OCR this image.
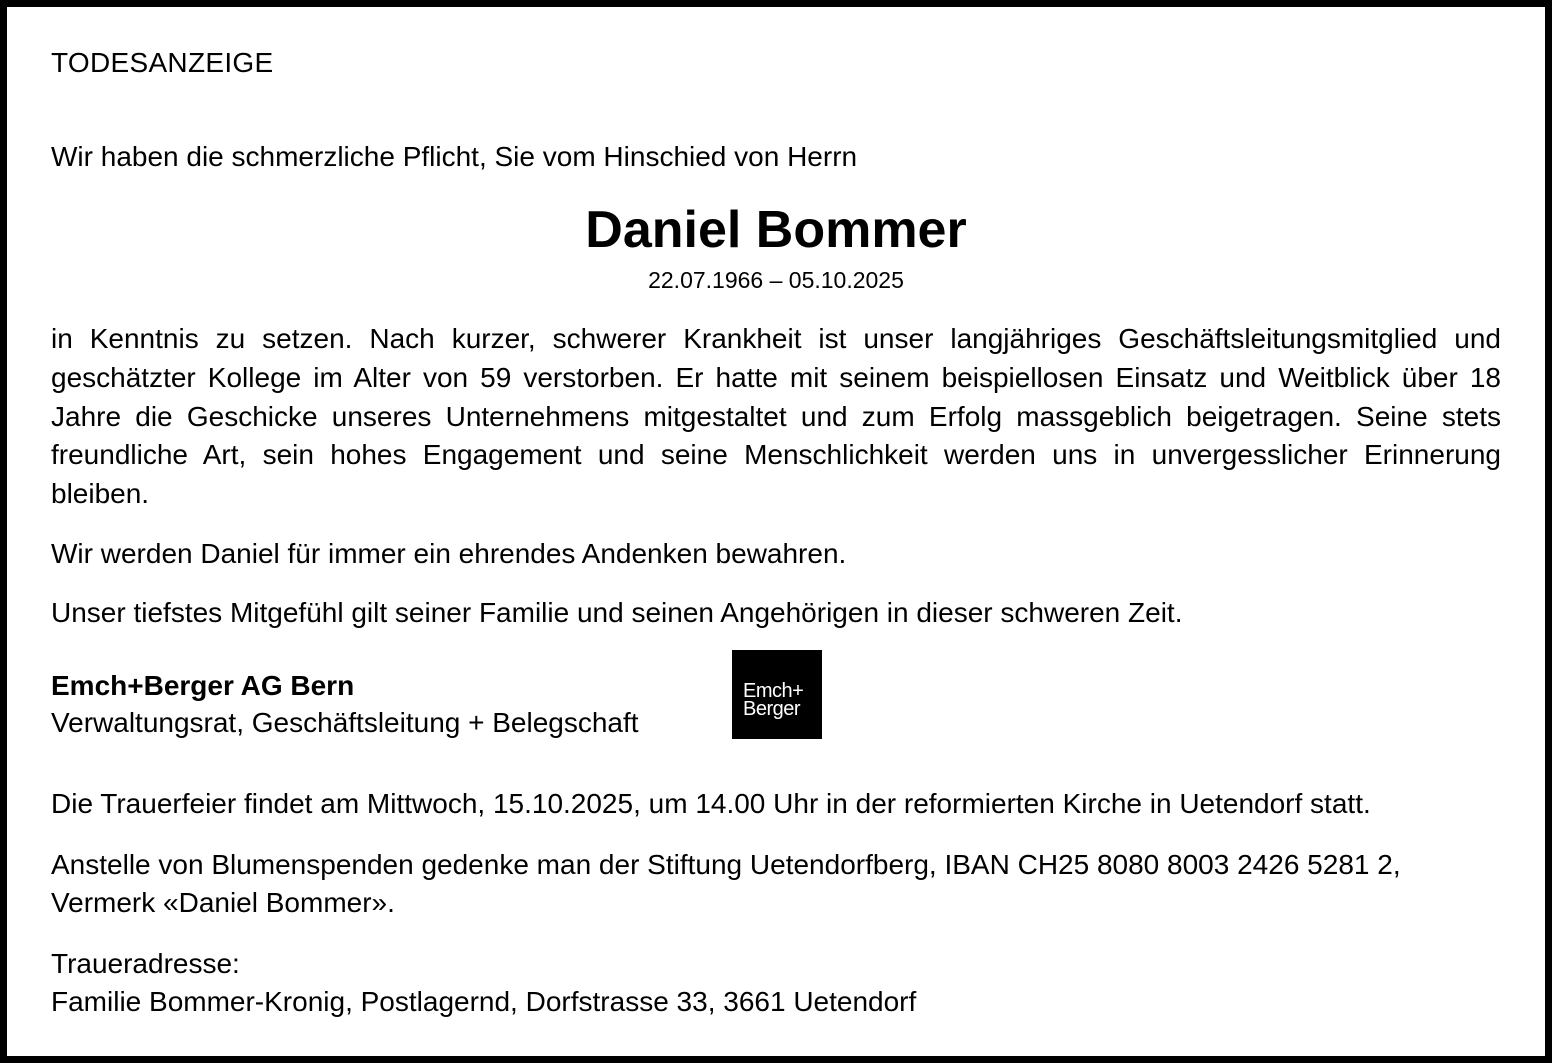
TODESANZEIGE
Wir haben die schmerzliche Pflicht, Sie vom Hinschied von Herrn
Daniel Bommer
22.07.1966 – 05.10.2025
in Kenntnis zu setzen. Nach kurzer, schwerer Krankheit ist unser langjähriges Geschäftsleitungsmitglied und geschätzter Kollege im Alter von 59 verstorben. Er hatte mit seinem beispiellosen Einsatz und Weitblick über 18 Jahre die Geschicke unseres Unternehmens mitgestaltet und zum Erfolg massgeblich beigetragen. Seine stets freundliche Art, sein hohes Engagement und seine Menschlichkeit werden uns in unvergesslicher Erinnerung bleiben.
Wir werden Daniel für immer ein ehrendes Andenken bewahren.
Unser tiefstes Mitgefühl gilt seiner Familie und seinen Angehörigen in dieser schweren Zeit.
Emch+Berger AG Bern
Verwaltungsrat, Geschäftsleitung + Belegschaft
Emch+
Berger
Die Trauerfeier findet am Mittwoch, 15.10.2025, um 14.00 Uhr in der reformierten Kirche in Uetendorf statt.
Anstelle von Blumenspenden gedenke man der Stiftung Uetendorfberg, IBAN CH25 8080 8003 2426 5281 2,
Vermerk «Daniel Bommer».
Traueradresse:
Familie Bommer-Kronig, Postlagernd, Dorfstrasse 33, 3661 Uetendorf
